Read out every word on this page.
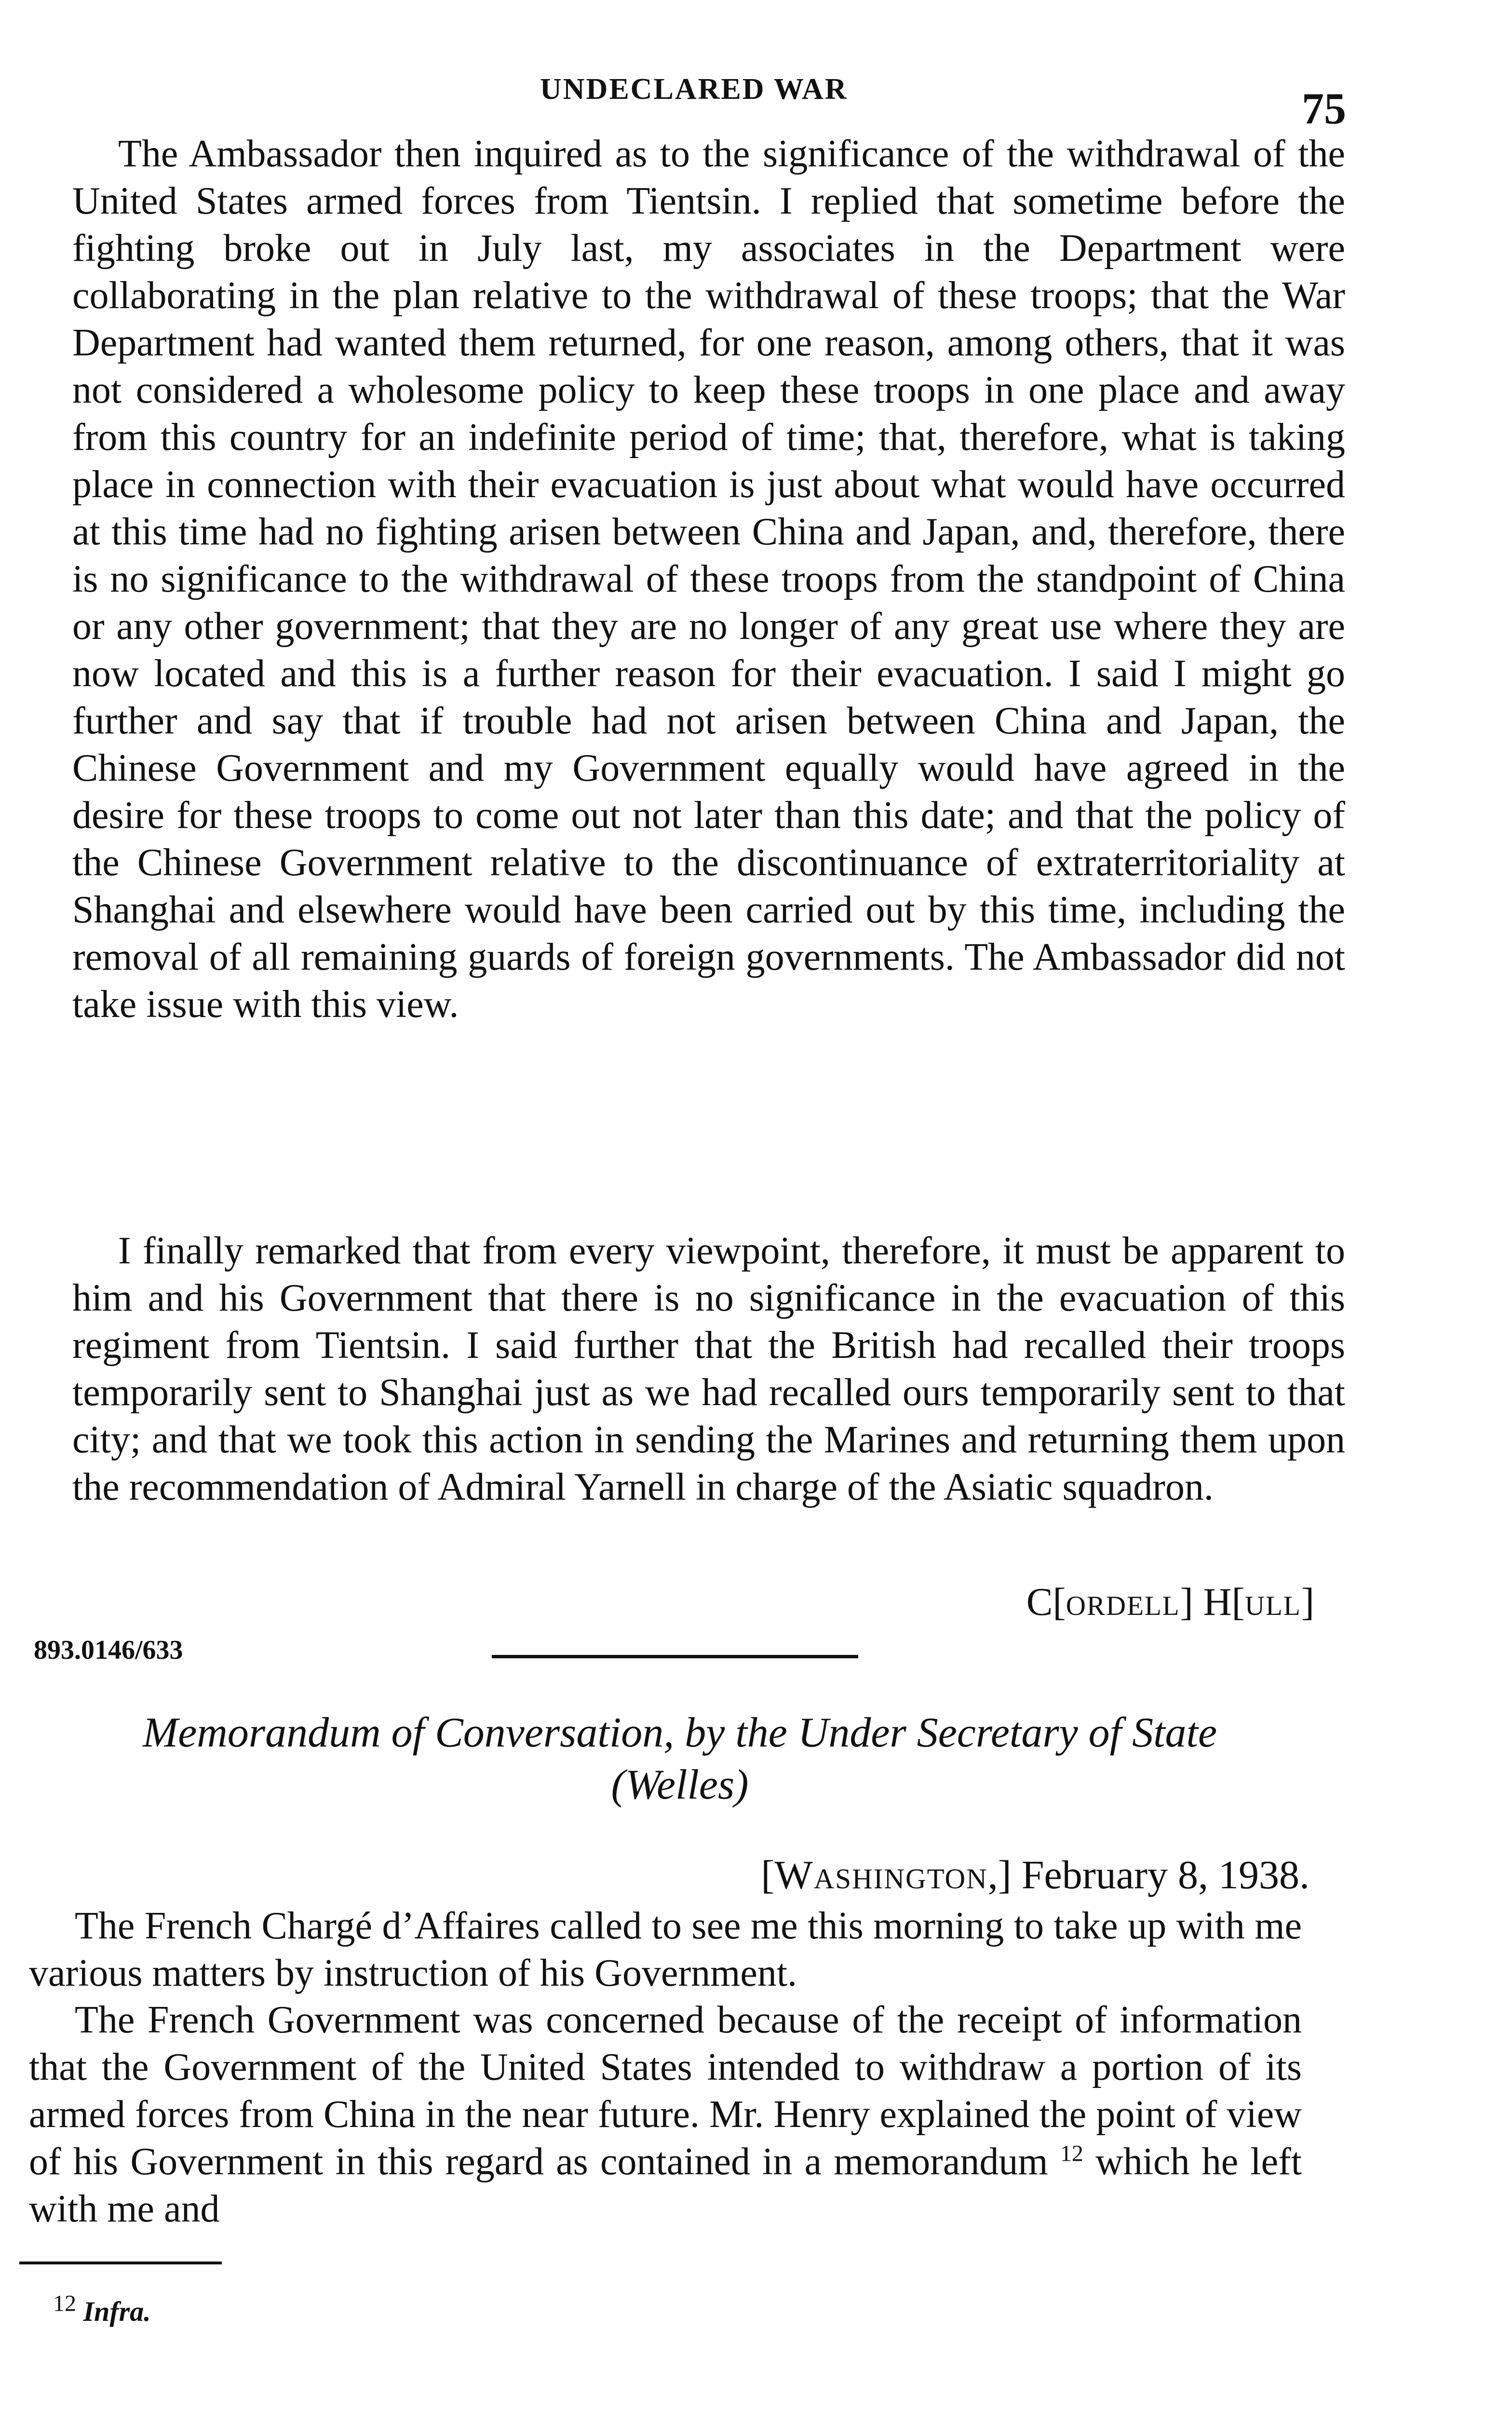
UNDECLARED WAR	75

The Ambassador then inquired as to the significance of the withdrawal of the United States armed forces from Tientsin. I replied that sometime before the fighting broke out in July last, my associates in the Department were collaborating in the plan relative to the withdrawal of these troops; that the War Department had wanted them returned, for one reason, among others, that it was not considered a wholesome policy to keep these troops in one place and away from this country for an indefinite period of time; that, therefore, what is taking place in connection with their evacuation is just about what would have occurred at this time had no fighting arisen between China and Japan, and, therefore, there is no significance to the withdrawal of these troops from the standpoint of China or any other government; that they are no longer of any great use where they are now located and this is a further reason for their evacuation. I said I might go further and say that if trouble had not arisen between China and Japan, the Chinese Government and my Government equally would have agreed in the desire for these troops to come out not later than this date; and that the policy of the Chinese Government relative to the discontinuance of extraterritoriality at Shanghai and elsewhere would have been carried out by this time, including the removal of all remaining guards of foreign governments. The Ambassador did not take issue with this view.

I finally remarked that from every viewpoint, therefore, it must be apparent to him and his Government that there is no significance in the evacuation of this regiment from Tientsin. I said further that the British had recalled their troops temporarily sent to Shanghai just as we had recalled ours temporarily sent to that city; and that we took this action in sending the Marines and returning them upon the recommendation of Admiral Yarnell in charge of the Asiatic squadron.

C[ordell] H[ull]
893.0146/633
Memorandum of Conversation, by the Under Secretary of State
(Welles)
[Washington,] February 8, 1938.

The French Chargé d’Affaires called to see me this morning to take up with me various matters by instruction of his Government.

The French Government was concerned because of the receipt of information that the Government of the United States intended to withdraw a portion of its armed forces from China in the near future. Mr. Henry explained the point of view of his Government in this regard as contained in a memorandum $^{12}$ which he left with me and

$^{12}$ Infra.
